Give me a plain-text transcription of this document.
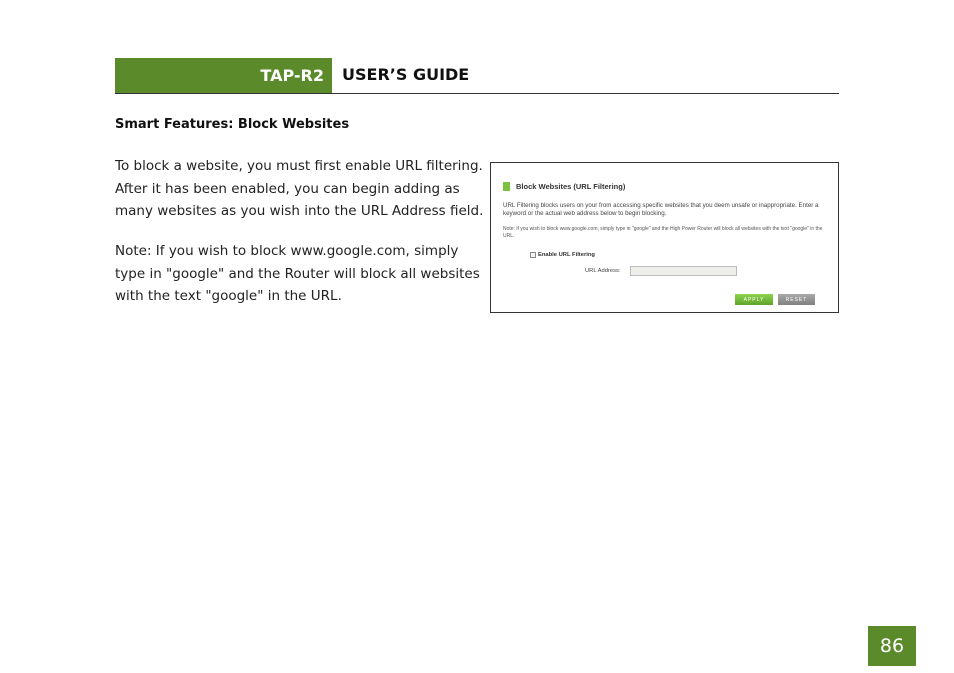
TAP-R2 USER’S GUIDE
Smart Features: Block Websites
To block a website, you must first enable URL filtering. After it has been enabled, you can begin adding as many websites as you wish into the URL Address field.
Note: If you wish to block www.google.com, simply type in "google" and the Router will block all websites with the text "google" in the URL.
Block Websites (URL Filtering)
URL Filtering blocks users on your from accessing specific websites that you deem unsafe or inappropriate. Enter a keyword or the actual web address below to begin blocking.
Note: if you wish to block www.google.com, simply type in "google" and the High Power Router will block all websites with the text "google" in the URL.
Enable URL Filtering
URL Address:
APPLY	RESET
86
